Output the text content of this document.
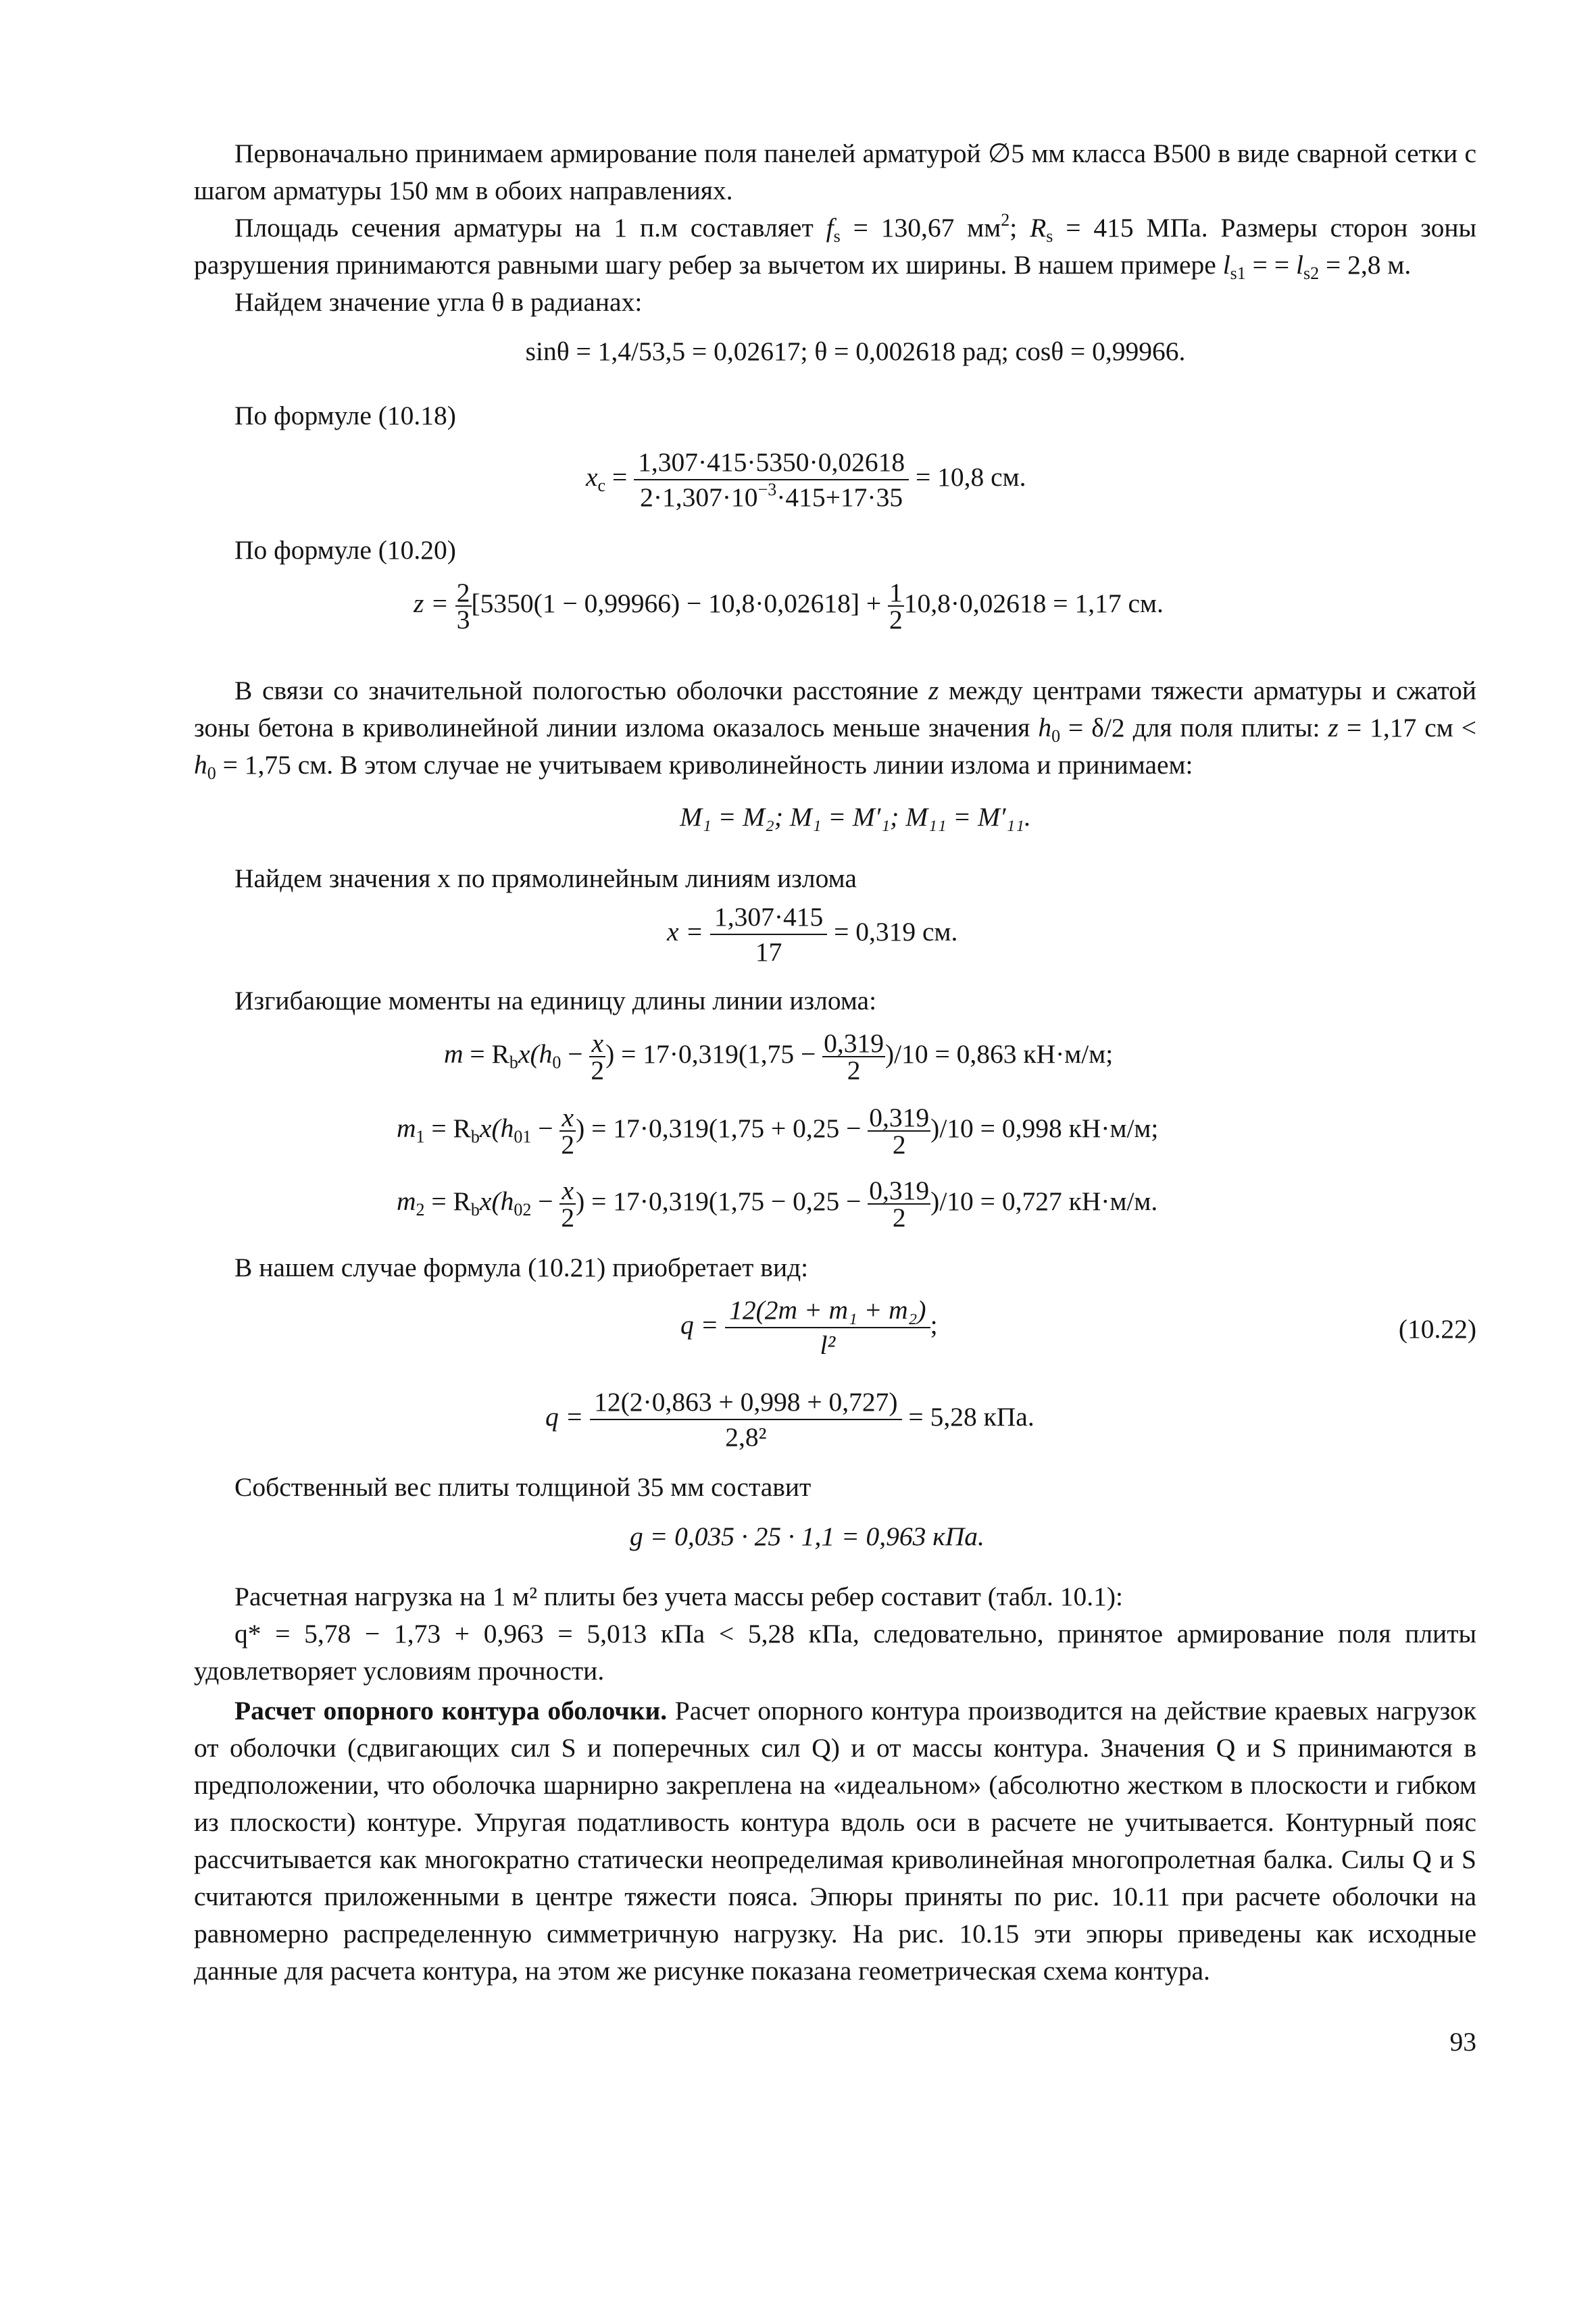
Первоначально принимаем армирование поля панелей арматурой ∅5 мм класса В500 в виде сварной сетки с шагом арматуры 150 мм в обоих направлениях.

Площадь сечения арматуры на 1 п.м составляет $f_s = 130,67$ $мм^2$; $R_s = 415$ МПа. Размеры сторон зоны разрушения принимаются равными шагу ребер за вычетом их ширины. В нашем примере $l_{s1}$ = = $l_{s2} = 2,8$ м.

Найдем значение угла θ в радианах:

sinθ = 1,4/53,5 = 0,02617; θ = 0,002618 рад; cosθ = 0,99966.

По формуле (10.18)

$x_c = \frac{1,307\cdot 415\cdot 5350\cdot 0,02618}{2\cdot 1,307\cdot 10^{-3}\cdot 415+17\cdot 35} = 10,8$ см.

По формуле (10.20)

$z = \frac{2}{3} [5350(1 - 0,99966) - 10,8\cdot 0,02618] + \frac{1}{2} 10,8\cdot 0,02618 = 1,17$ см.

В связи со значительной пологостью оболочки расстояние z между центрами тяжести арматуры и сжатой зоны бетона в криволинейной линии излома оказалось меньше значения $h_0 = \delta/2$ для поля плиты: z = 1,17 см < $h_0 = 1,75$ см. В этом случае не учитываем криволинейность линии излома и принимаем:

M₁ = M₂; M₁ = M′₁; M₁₁ = M′₁₁.

Найдем значения x по прямолинейным линиям излома

$x = \frac{1,307\cdot 415}{17} = 0,319$ см.

Изгибающие моменты на единицу длины линии излома:

$m = R_bx(h_0 - \frac{x}{2}$ ) = $17\cdot 0,319(1,75 - \frac{0,319}{2} )/10 = 0,863$ кН·м/м;
$m_1 = R_bx(h_{01} - \frac{x}{2}$ ) = $17\cdot 0,319(1,75 + 0,25 - \frac{0,319}{2} )/10 = 0,998$ кН·м/м;
$m_2 = R_bx(h_{02} - \frac{x}{2}$ ) = $17\cdot 0,319(1,75 - 0,25 - \frac{0,319}{2} )/10 = 0,727$ кН·м/м.

В нашем случае формула (10.21) приобретает вид:

$q = \frac{\text{12(2m + m₁ + m₂)}}{\text{l²}}$ ;	(10.22)
$q = \frac{12(2\cdot 0,863 + 0,998 + 0,727)}{\text{2,8²}} = 5,28$ кПа.

Собственный вес плиты толщиной 35 мм составит

g = 0,035 · 25 · 1,1 = 0,963 кПа.

Расчетная нагрузка на 1 м² плиты без учета массы ребер составит (табл. 10.1):

q* = 5,78 − 1,73 + 0,963 = 5,013 кПа < 5,28 кПа, следовательно, принятое армирование поля плиты удовлетворяет условиям прочности.

Расчет опорного контура оболочки. Расчет опорного контура производится на действие краевых нагрузок от оболочки (сдвигающих сил S и поперечных сил Q) и от массы контура. Значения Q и S принимаются в предположении, что оболочка шарнирно закреплена на «идеальном» (абсолютно жестком в плоскости и гибком из плоскости) контуре. Упругая податливость контура вдоль оси в расчете не учитывается. Контурный пояс рассчитывается как многократно статически неопределимая криволинейная многопролетная балка. Силы Q и S считаются приложенными в центре тяжести пояса. Эпюры приняты по рис. 10.11 при расчете оболочки на равномерно распределенную симметричную нагрузку. На рис. 10.15 эти эпюры приведены как исходные данные для расчета контура, на этом же рисунке показана геометрическая схема контура.

93
